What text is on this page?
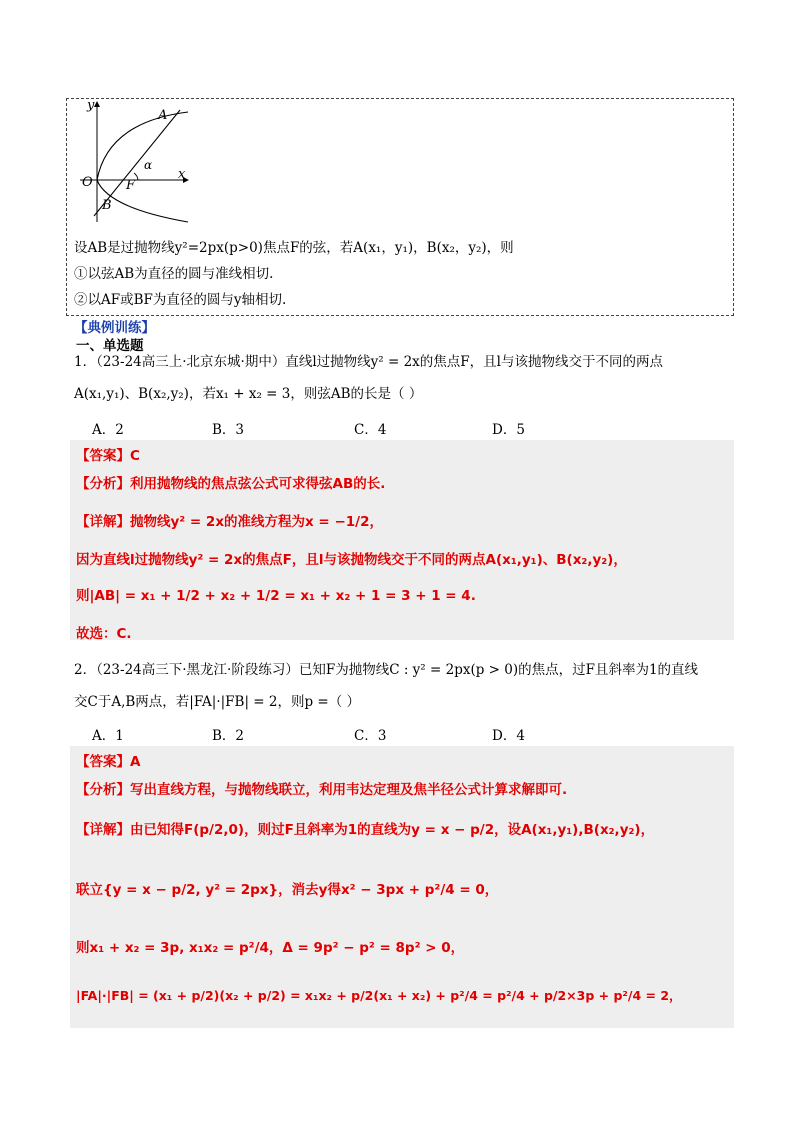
y
A
α
O	F
x
B
设AB是过抛物线y²=2px(p>0)焦点F的弦，若A(x₁，y₁)，B(x₂，y₂)，则
①以弦AB为直径的圆与准线相切.
②以AF或BF为直径的圆与y轴相切.
【典例训练】
一、单选题
1．（23-24高三上·北京东城·期中）直线l过抛物线y² = 2x的焦点F，且l与该抛物线交于不同的两点
A(x₁,y₁)、B(x₂,y₂)，若x₁ + x₂ = 3，则弦AB的长是（ ）
A．2	B．3	C．4	D．5
【答案】C
【分析】利用抛物线的焦点弦公式可求得弦AB的长.
【详解】抛物线y² = 2x的准线方程为x = −1/2，
因为直线l过抛物线y² = 2x的焦点F，且l与该抛物线交于不同的两点A(x₁,y₁)、B(x₂,y₂)，
则|AB| = x₁ + 1/2 + x₂ + 1/2 = x₁ + x₂ + 1 = 3 + 1 = 4.
故选：C.
2．（23-24高三下·黑龙江·阶段练习）已知F为抛物线C : y² = 2px(p > 0)的焦点，过F且斜率为1的直线
交C于A,B两点，若|FA|·|FB| = 2，则p =（ ）
A．1	B．2	C．3	D．4
【答案】A
【分析】写出直线方程，与抛物线联立，利用韦达定理及焦半径公式计算求解即可.
【详解】由已知得F(p/2,0)，则过F且斜率为1的直线为y = x − p/2，设A(x₁,y₁),B(x₂,y₂)，
联立{y = x − p/2, y² = 2px}，消去y得x² − 3px + p²/4 = 0，
则x₁ + x₂ = 3p, x₁x₂ = p²/4，Δ = 9p² − p² = 8p² > 0，
|FA|·|FB| = (x₁ + p/2)(x₂ + p/2) = x₁x₂ + p/2(x₁ + x₂) + p²/4 = p²/4 + p/2×3p + p²/4 = 2，
